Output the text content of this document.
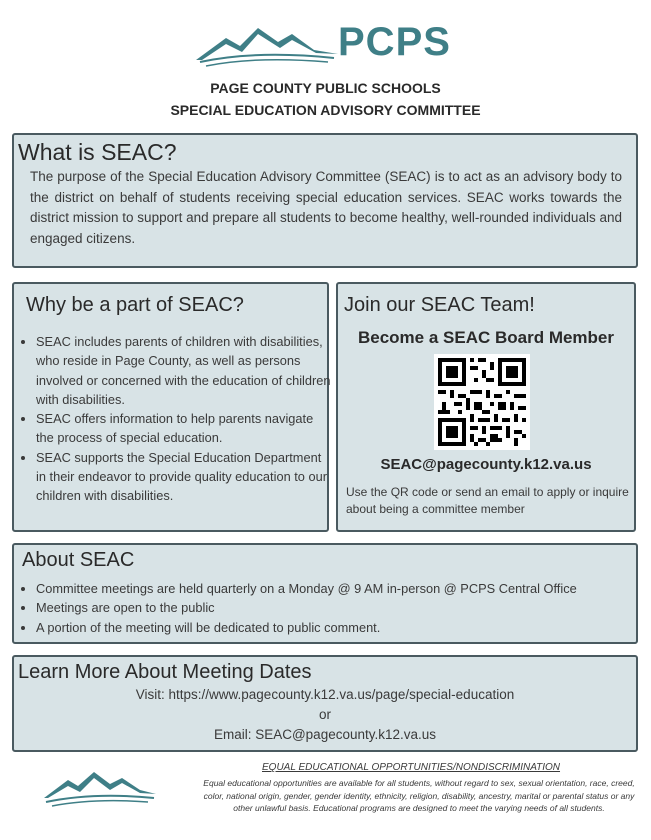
PCPS
PAGE COUNTY PUBLIC SCHOOLS
SPECIAL EDUCATION ADVISORY COMMITTEE
What is SEAC?
The purpose of the Special Education Advisory Committee (SEAC) is to act as an advisory body to the district on behalf of students receiving special education services. SEAC works towards the district mission to support and prepare all students to become healthy, well-rounded individuals and engaged citizens.
Why be a part of SEAC?
• SEAC includes parents of children with disabilities, who reside in Page County, as well as persons involved or concerned with the education of children with disabilities.
• SEAC offers information to help parents navigate the process of special education.
• SEAC supports the Special Education Department in their endeavor to provide quality education to our children with disabilities.
Join our SEAC Team!
Become a SEAC Board Member
SEAC@pagecounty.k12.va.us
Use the QR code or send an email to apply or inquire about being a committee member
About SEAC
• Committee meetings are held quarterly on a Monday @ 9 AM in-person @ PCPS Central Office
• Meetings are open to the public
• A portion of the meeting will be dedicated to public comment.
Learn More About Meeting Dates
Visit: https://www.pagecounty.k12.va.us/page/special-education
or
Email: SEAC@pagecounty.k12.va.us
EQUAL EDUCATIONAL OPPORTUNITIES/NONDISCRIMINATION
Equal educational opportunities are available for all students, without regard to sex, sexual orientation, race, creed, color, national origin, gender, gender identity, ethnicity, religion, disability, ancestry, marital or parental status or any other unlawful basis. Educational programs are designed to meet the varying needs of all students.
